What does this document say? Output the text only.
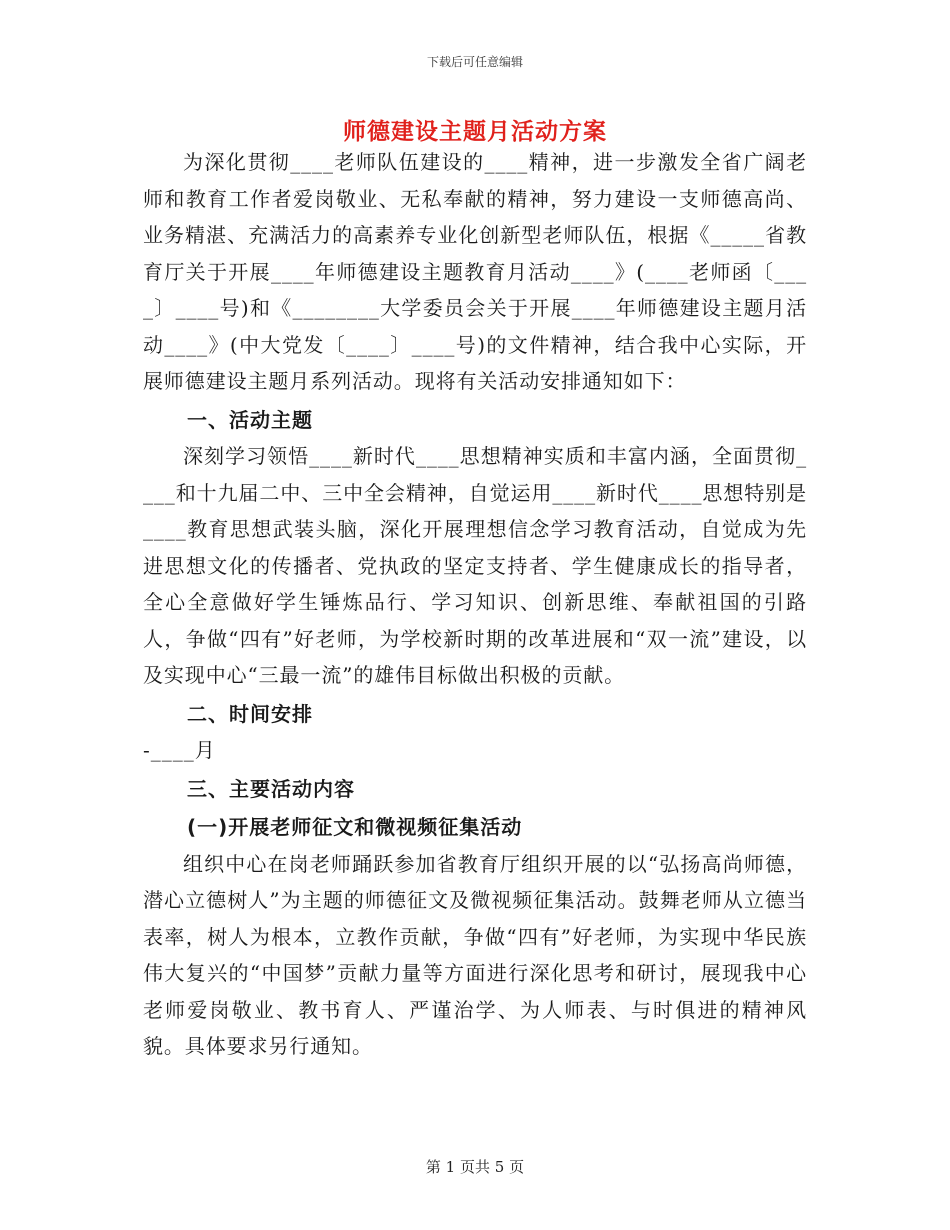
下载后可任意编辑
师德建设主题月活动方案

为深化贯彻____老师队伍建设的____精神，进一步激发全省广阔老师和教育工作者爱岗敬业、无私奉献的精神，努力建设一支师德高尚、业务精湛、充满活力的高素养专业化创新型老师队伍，根据《_____省教育厅关于开展____年师德建设主题教育月活动____》(____老师函〔____〕____号)和《________大学委员会关于开展____年师德建设主题月活动____》(中大党发〔____〕____号)的文件精神，结合我中心实际，开展师德建设主题月系列活动。现将有关活动安排通知如下：

一、活动主题

深刻学习领悟____新时代____思想精神实质和丰富内涵，全面贯彻____和十九届二中、三中全会精神，自觉运用____新时代____思想特别是____教育思想武装头脑，深化开展理想信念学习教育活动，自觉成为先进思想文化的传播者、党执政的坚定支持者、学生健康成长的指导者，全心全意做好学生锤炼品行、学习知识、创新思维、奉献祖国的引路人，争做“四有”好老师，为学校新时期的改革进展和“双一流”建设，以及实现中心“三最一流”的雄伟目标做出积极的贡献。

二、时间安排

-____月

三、主要活动内容

(一)开展老师征文和微视频征集活动

组织中心在岗老师踊跃参加省教育厅组织开展的以“弘扬高尚师德，潜心立德树人”为主题的师德征文及微视频征集活动。鼓舞老师从立德当表率，树人为根本，立教作贡献，争做“四有”好老师，为实现中华民族伟大复兴的“中国梦”贡献力量等方面进行深化思考和研讨，展现我中心老师爱岗敬业、教书育人、严谨治学、为人师表、与时俱进的精神风貌。具体要求另行通知。

第 1 页共 5 页
